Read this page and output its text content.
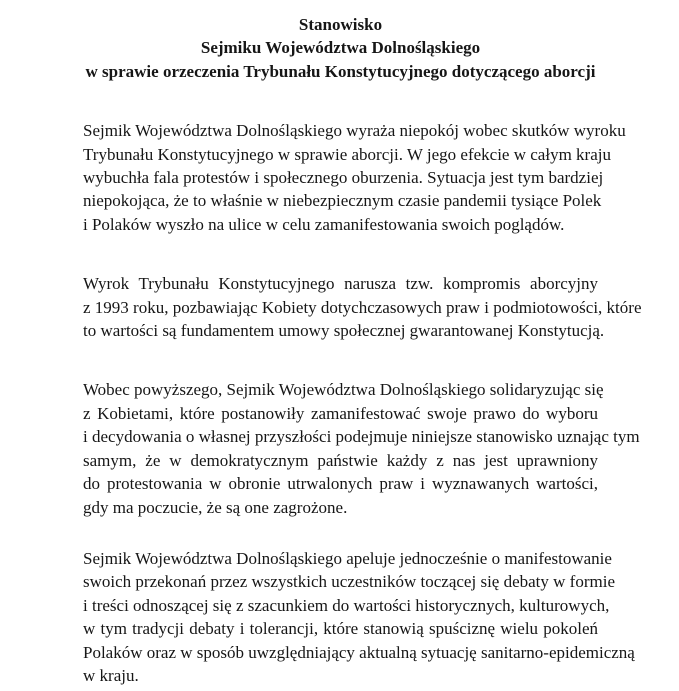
Stanowisko
Sejmiku Województwa Dolnośląskiego
w sprawie orzeczenia Trybunału Konstytucyjnego dotyczącego aborcji
Sejmik Województwa Dolnośląskiego wyraża niepokój wobec skutków wyroku
Trybunału Konstytucyjnego w sprawie aborcji. W jego efekcie w całym kraju
wybuchła fala protestów i społecznego oburzenia. Sytuacja jest tym bardziej
niepokojąca, że to właśnie w niebezpiecznym czasie pandemii tysiące Polek
i Polaków wyszło na ulice w celu zamanifestowania swoich poglądów.
Wyrok Trybunału Konstytucyjnego narusza tzw. kompromis aborcyjny
z 1993 roku, pozbawiając Kobiety dotychczasowych praw i podmiotowości, które
to wartości są fundamentem umowy społecznej gwarantowanej Konstytucją.
Wobec powyższego, Sejmik Województwa Dolnośląskiego solidaryzując się
z Kobietami, które postanowiły zamanifestować swoje prawo do wyboru
i decydowania o własnej przyszłości podejmuje niniejsze stanowisko uznając tym
samym, że w demokratycznym państwie każdy z nas jest uprawniony
do protestowania w obronie utrwalonych praw i wyznawanych wartości,
gdy ma poczucie, że są one zagrożone.
Sejmik Województwa Dolnośląskiego apeluje jednocześnie o manifestowanie
swoich przekonań przez wszystkich uczestników toczącej się debaty w formie
i treści odnoszącej się z szacunkiem do wartości historycznych, kulturowych,
w tym tradycji debaty i tolerancji, które stanowią spuściznę wielu pokoleń
Polaków oraz w sposób uwzględniający aktualną sytuację sanitarno-epidemiczną
w kraju.
